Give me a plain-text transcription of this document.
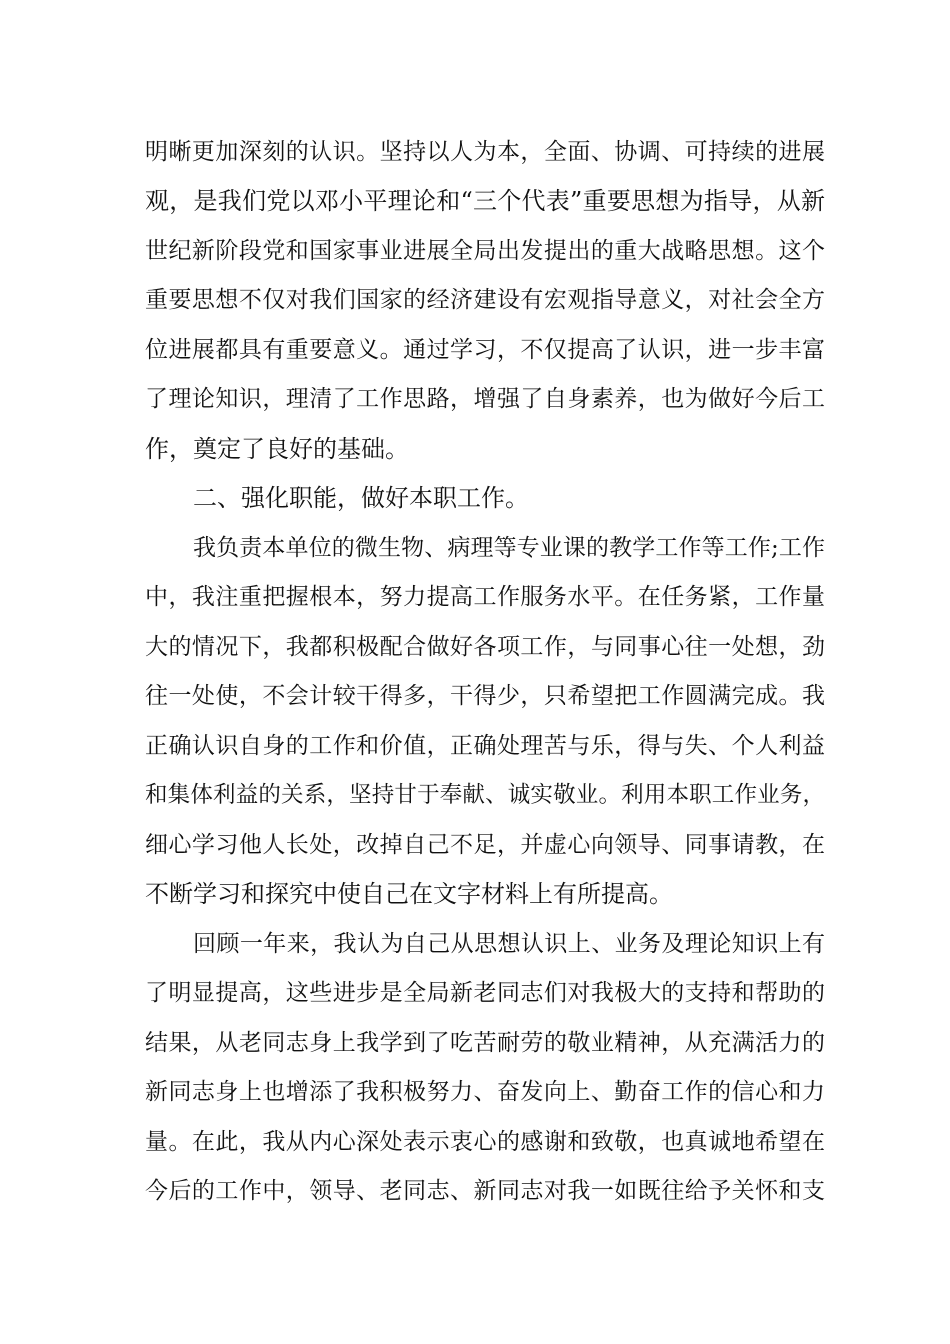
明晰更加深刻的认识。坚持以人为本，全面、协调、可持续的进展
观，是我们党以邓小平理论和“三个代表”重要思想为指导，从新
世纪新阶段党和国家事业进展全局出发提出的重大战略思想。这个
重要思想不仅对我们国家的经济建设有宏观指导意义，对社会全方
位进展都具有重要意义。通过学习，不仅提高了认识，进一步丰富
了理论知识，理清了工作思路，增强了自身素养，也为做好今后工
作，奠定了良好的基础。
二、强化职能，做好本职工作。
我负责本单位的微生物、病理等专业课的教学工作等工作;工作
中，我注重把握根本，努力提高工作服务水平。在任务紧，工作量
大的情况下，我都积极配合做好各项工作，与同事心往一处想，劲
往一处使，不会计较干得多，干得少，只希望把工作圆满完成。我
正确认识自身的工作和价值，正确处理苦与乐，得与失、个人利益
和集体利益的关系，坚持甘于奉献、诚实敬业。利用本职工作业务，
细心学习他人长处，改掉自己不足，并虚心向领导、同事请教，在
不断学习和探究中使自己在文字材料上有所提高。
回顾一年来，我认为自己从思想认识上、业务及理论知识上有
了明显提高，这些进步是全局新老同志们对我极大的支持和帮助的
结果，从老同志身上我学到了吃苦耐劳的敬业精神，从充满活力的
新同志身上也增添了我积极努力、奋发向上、勤奋工作的信心和力
量。在此，我从内心深处表示衷心的感谢和致敬，也真诚地希望在
今后的工作中，领导、老同志、新同志对我一如既往给予关怀和支
